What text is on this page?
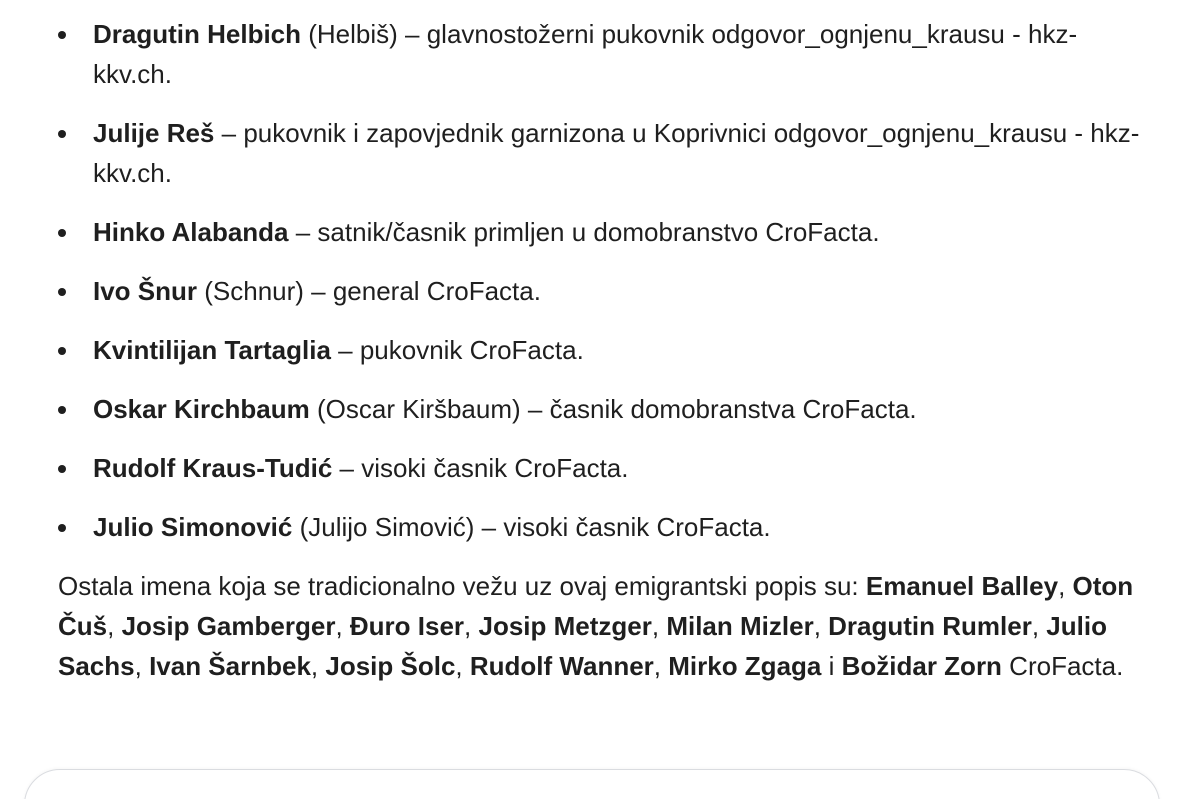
Dragutin Helbich (Helbiš) – glavnostožerni pukovnik odgovor_ognjenu_krausu - hkz-kkv.ch.
Julije Reš – pukovnik i zapovjednik garnizona u Koprivnici odgovor_ognjenu_krausu - hkz-kkv.ch.
Hinko Alabanda – satnik/časnik primljen u domobranstvo CroFacta.
Ivo Šnur (Schnur) – general CroFacta.
Kvintilijan Tartaglia – pukovnik CroFacta.
Oskar Kirchbaum (Oscar Kiršbaum) – časnik domobranstva CroFacta.
Rudolf Kraus-Tudić – visoki časnik CroFacta.
Julio Simonović (Julijo Simović) – visoki časnik CroFacta.

Ostala imena koja se tradicionalno vežu uz ovaj emigrantski popis su: Emanuel Balley, Oton Čuš, Josip Gamberger, Đuro Iser, Josip Metzger, Milan Mizler, Dragutin Rumler, Julio Sachs, Ivan Šarnbek, Josip Šolc, Rudolf Wanner, Mirko Zgaga i Božidar Zorn CroFacta.
